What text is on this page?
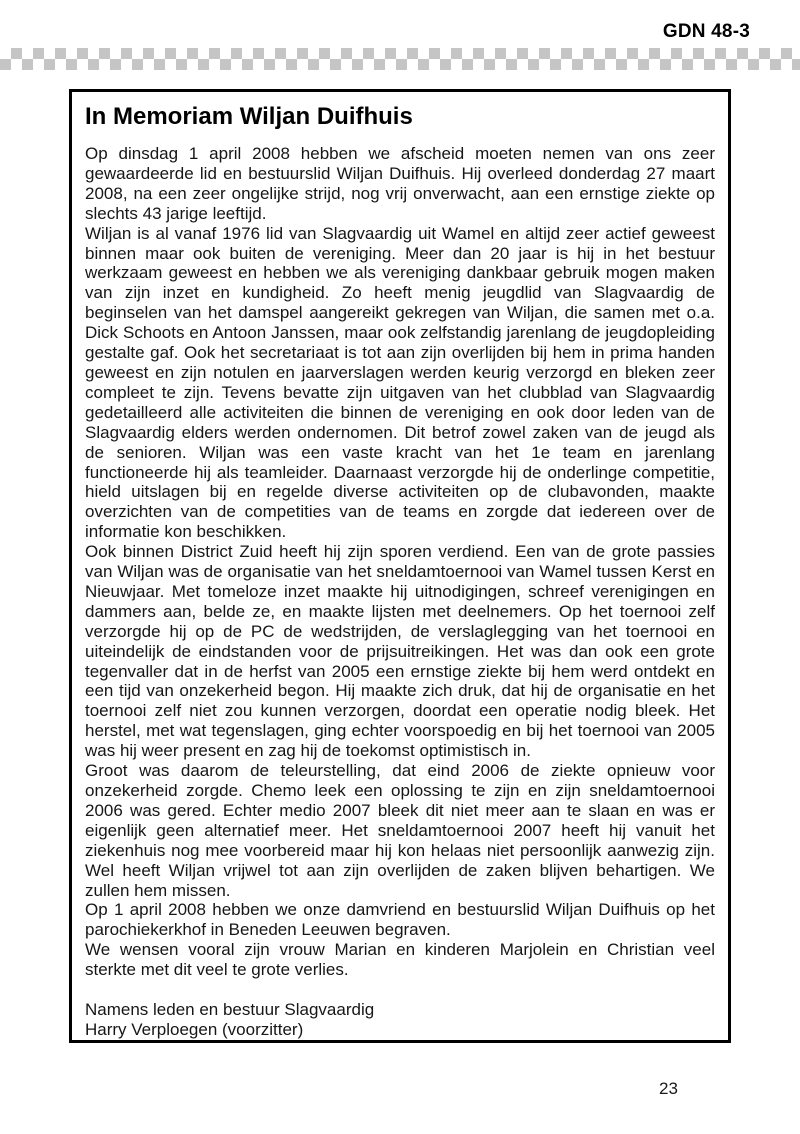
GDN 48-3
In Memoriam Wiljan Duifhuis

Op dinsdag 1 april 2008 hebben we afscheid moeten nemen van ons zeer gewaardeerde lid en bestuurslid Wiljan Duifhuis. Hij overleed donderdag 27 maart 2008, na een zeer ongelijke strijd, nog vrij onverwacht, aan een ernstige ziekte op slechts 43 jarige leeftijd.

Wiljan is al vanaf 1976 lid van Slagvaardig uit Wamel en altijd zeer actief geweest binnen maar ook buiten de vereniging. Meer dan 20 jaar is hij in het bestuur werkzaam geweest en hebben we als vereniging dankbaar gebruik mogen maken van zijn inzet en kundigheid. Zo heeft menig jeugdlid van Slagvaardig de beginselen van het damspel aangereikt gekregen van Wiljan, die samen met o.a. Dick Schoots en Antoon Janssen, maar ook zelfstandig jarenlang de jeugdopleiding gestalte gaf. Ook het secretariaat is tot aan zijn overlijden bij hem in prima handen geweest en zijn notulen en jaarverslagen werden keurig verzorgd en bleken zeer compleet te zijn. Tevens bevatte zijn uitgaven van het clubblad van Slagvaardig gedetailleerd alle activiteiten die binnen de vereniging en ook door leden van de Slagvaardig elders werden ondernomen. Dit betrof zowel zaken van de jeugd als de senioren. Wiljan was een vaste kracht van het 1e team en jarenlang functioneerde hij als teamleider. Daarnaast verzorgde hij de onderlinge competitie, hield uitslagen bij en regelde diverse activiteiten op de clubavonden, maakte overzichten van de competities van de teams en zorgde dat iedereen over de informatie kon beschikken.

Ook binnen District Zuid heeft hij zijn sporen verdiend. Een van de grote passies van Wiljan was de organisatie van het sneldamtoernooi van Wamel tussen Kerst en Nieuwjaar. Met tomeloze inzet maakte hij uitnodigingen, schreef verenigingen en dammers aan, belde ze, en maakte lijsten met deelnemers. Op het toernooi zelf verzorgde hij op de PC de wedstrijden, de verslaglegging van het toernooi en uiteindelijk de eindstanden voor de prijsuitreikingen. Het was dan ook een grote tegenvaller dat in de herfst van 2005 een ernstige ziekte bij hem werd ontdekt en een tijd van onzekerheid begon. Hij maakte zich druk, dat hij de organisatie en het toernooi zelf niet zou kunnen verzorgen, doordat een operatie nodig bleek. Het herstel, met wat tegenslagen, ging echter voorspoedig en bij het toernooi van 2005 was hij weer present en zag hij de toekomst optimistisch in.

Groot was daarom de teleurstelling, dat eind 2006 de ziekte opnieuw voor onzekerheid zorgde. Chemo leek een oplossing te zijn en zijn sneldamtoernooi 2006 was gered. Echter medio 2007 bleek dit niet meer aan te slaan en was er eigenlijk geen alternatief meer. Het sneldamtoernooi 2007 heeft hij vanuit het ziekenhuis nog mee voorbereid maar hij kon helaas niet persoonlijk aanwezig zijn. Wel heeft Wiljan vrijwel tot aan zijn overlijden de zaken blijven behartigen. We zullen hem missen.

Op 1 april 2008 hebben we onze damvriend en bestuurslid Wiljan Duifhuis op het parochiekerkhof in Beneden Leeuwen begraven.

We wensen vooral zijn vrouw Marian en kinderen Marjolein en Christian veel sterkte met dit veel te grote verlies.

Namens leden en bestuur Slagvaardig

Harry Verploegen (voorzitter)

23
